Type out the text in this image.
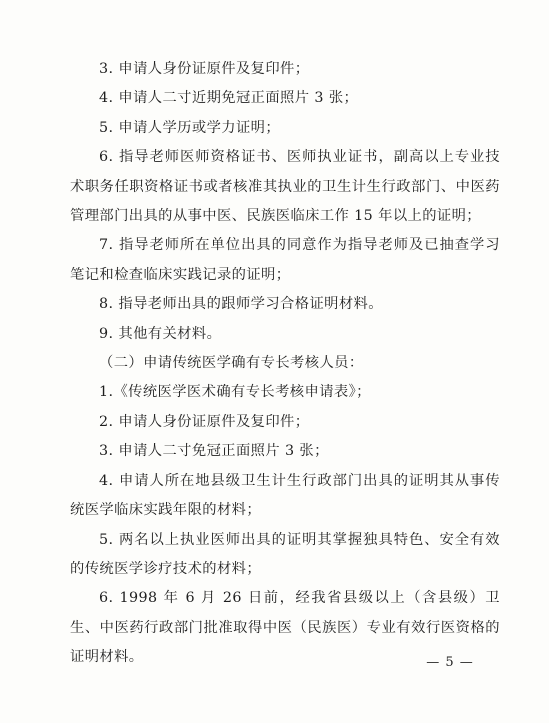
3. 申请人身份证原件及复印件；

4. 申请人二寸近期免冠正面照片 3 张；

5. 申请人学历或学力证明；

6. 指导老师医师资格证书、医师执业证书，副高以上专业技术职务任职资格证书或者核准其执业的卫生计生行政部门、中医药管理部门出具的从事中医、民族医临床工作 15 年以上的证明；

7. 指导老师所在单位出具的同意作为指导老师及已抽查学习笔记和检查临床实践记录的证明；

8. 指导老师出具的跟师学习合格证明材料。

9. 其他有关材料。

（二）申请传统医学确有专长考核人员：

1.《传统医学医术确有专长考核申请表》；

2. 申请人身份证原件及复印件；

3. 申请人二寸免冠正面照片 3 张；

4. 申请人所在地县级卫生计生行政部门出具的证明其从事传统医学临床实践年限的材料；

5. 两名以上执业医师出具的证明其掌握独具特色、安全有效的传统医学诊疗技术的材料；

6. 1998 年 6 月 26 日前，经我省县级以上（含县级）卫生、中医药行政部门批准取得中医（民族医）专业有效行医资格的证明材料。	— 5 —
